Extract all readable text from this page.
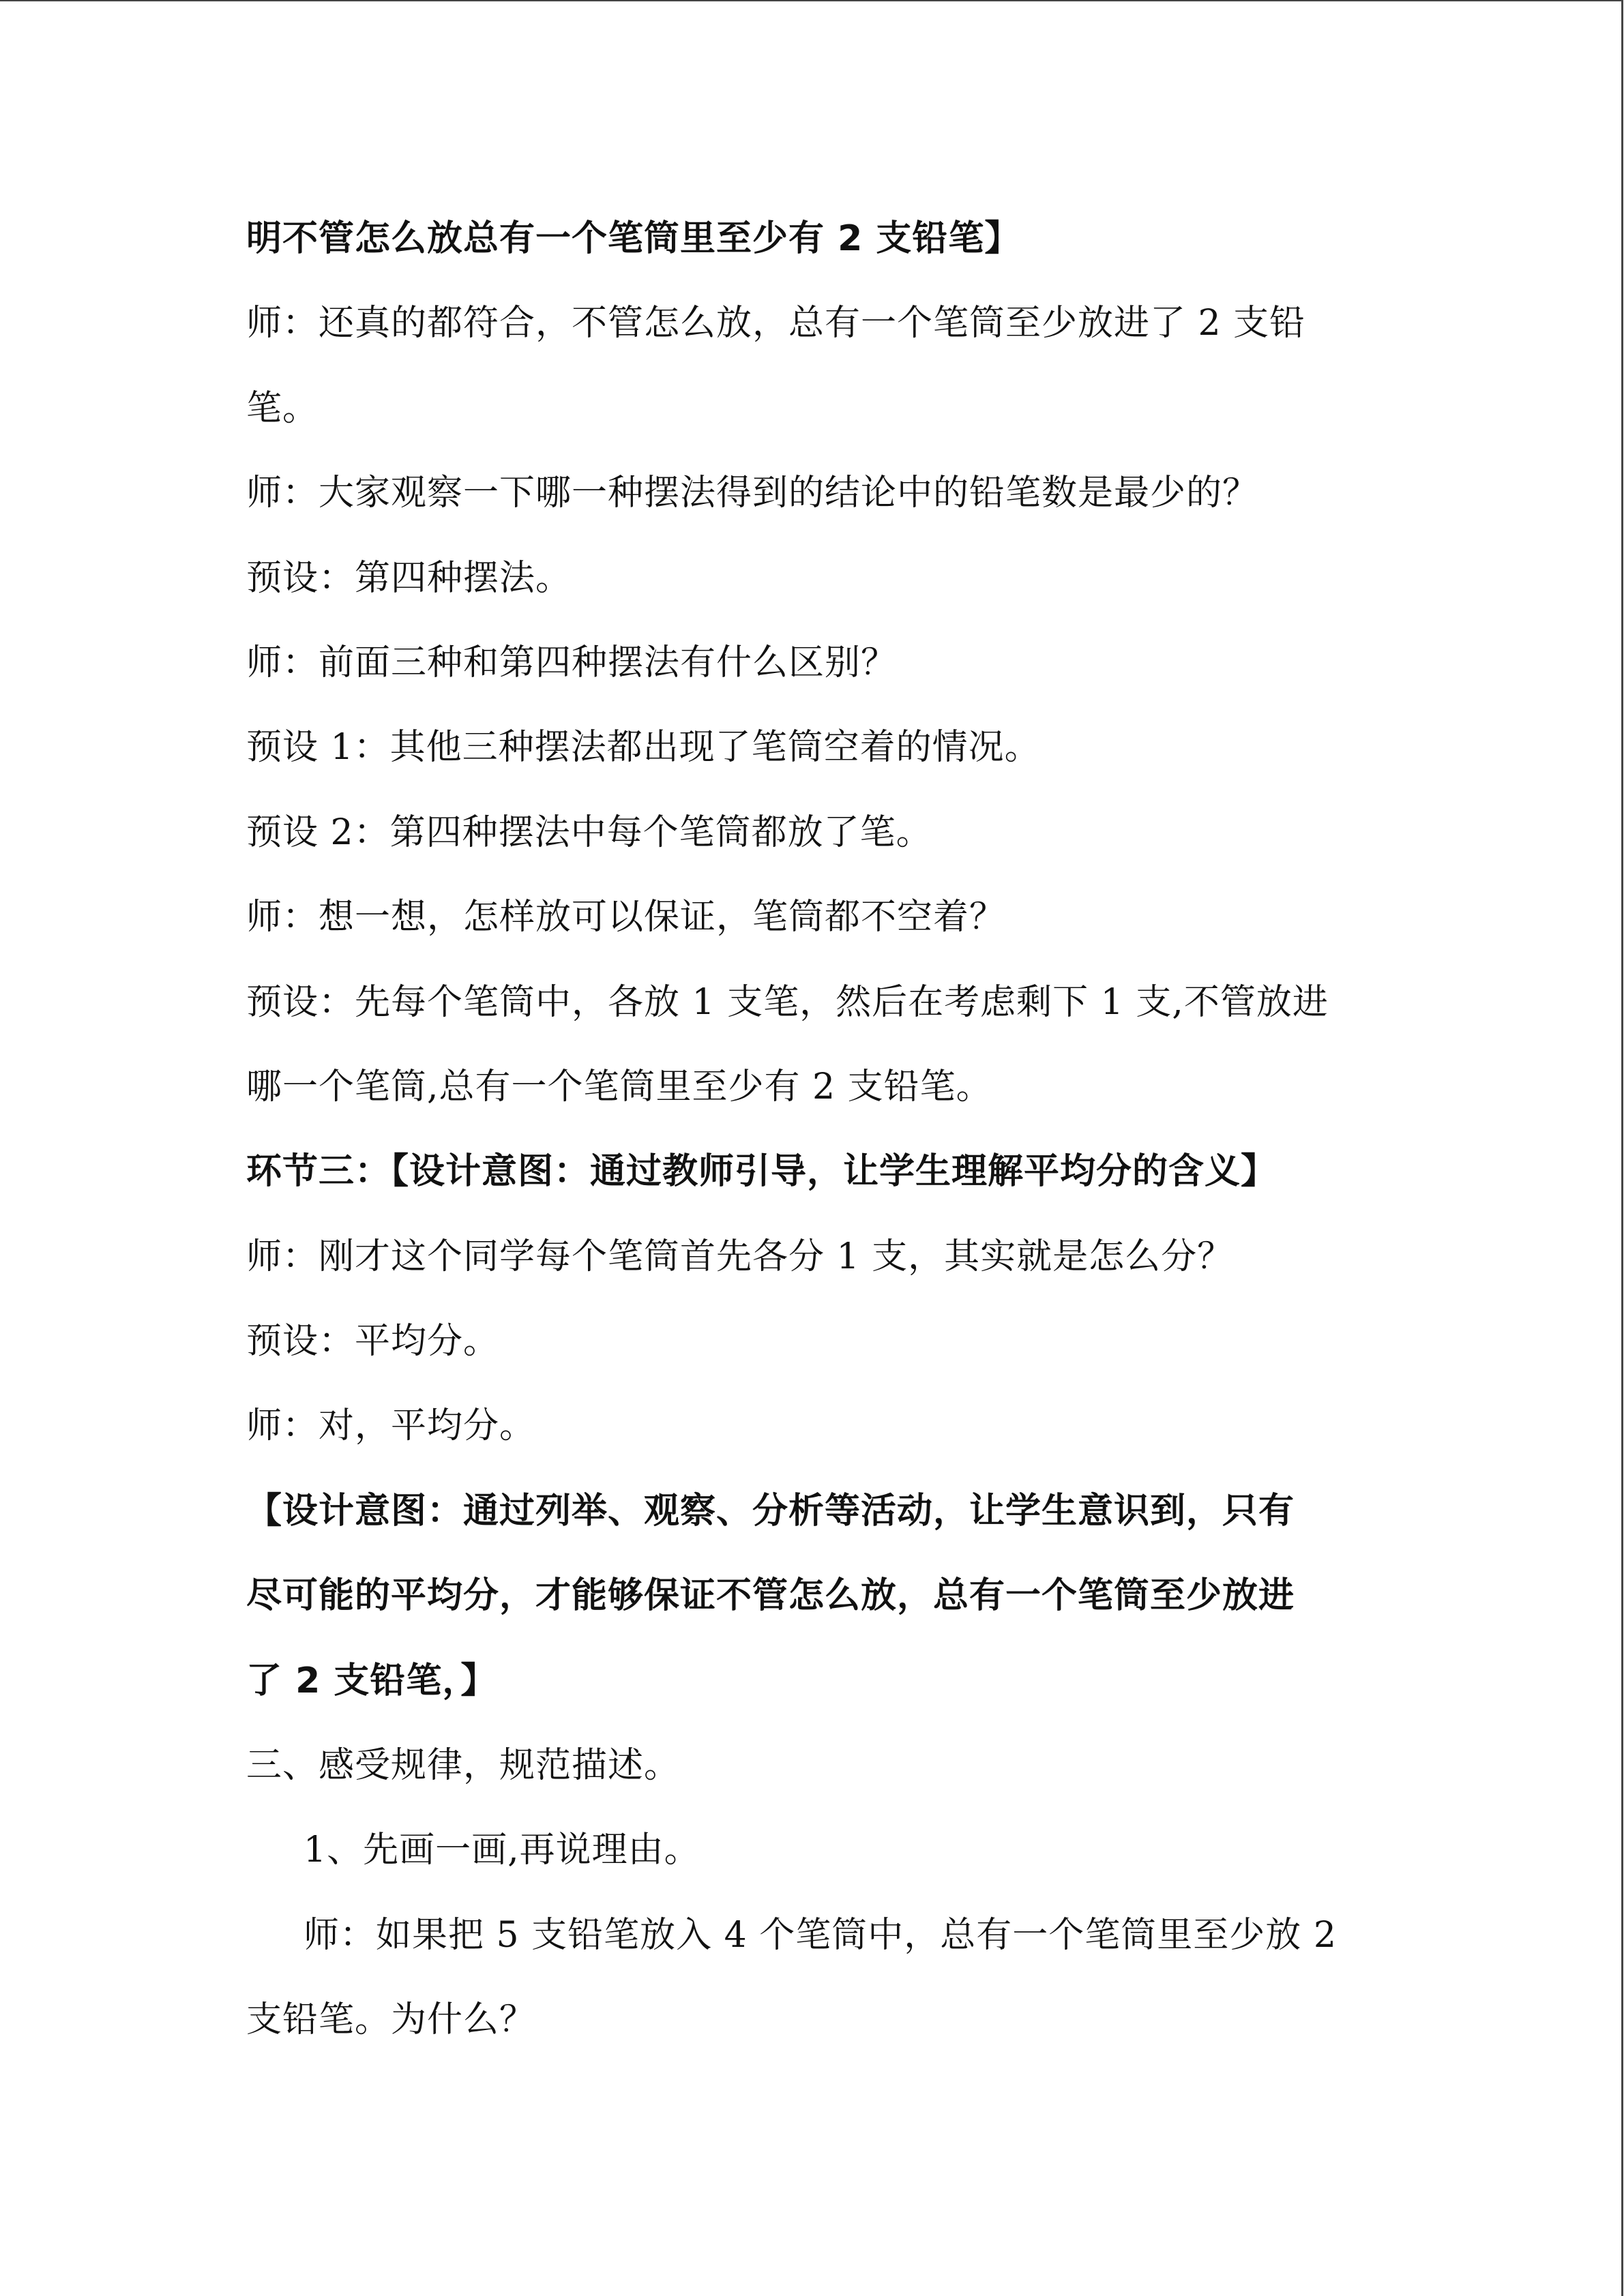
明不管怎么放总有一个笔筒里至少有 2 支铅笔】
师：还真的都符合，不管怎么放，总有一个笔筒至少放进了 2 支铅
笔。
师：大家观察一下哪一种摆法得到的结论中的铅笔数是最少的？
预设：第四种摆法。
师：前面三种和第四种摆法有什么区别？
预设 1：其他三种摆法都出现了笔筒空着的情况。
预设 2：第四种摆法中每个笔筒都放了笔。
师：想一想，怎样放可以保证，笔筒都不空着？
预设：先每个笔筒中，各放 1 支笔，然后在考虑剩下 1 支,不管放进
哪一个笔筒,总有一个笔筒里至少有 2 支铅笔。
环节三：【设计意图：通过教师引导，让学生理解平均分的含义】
师：刚才这个同学每个笔筒首先各分 1 支，其实就是怎么分？
预设：平均分。
师：对，平均分。
【设计意图：通过列举、观察、分析等活动，让学生意识到，只有
尽可能的平均分，才能够保证不管怎么放，总有一个笔筒至少放进
了 2 支铅笔，】
三、感受规律，规范描述。
1、先画一画,再说理由。
师：如果把 5 支铅笔放入 4 个笔筒中，总有一个笔筒里至少放 2
支铅笔。为什么？
